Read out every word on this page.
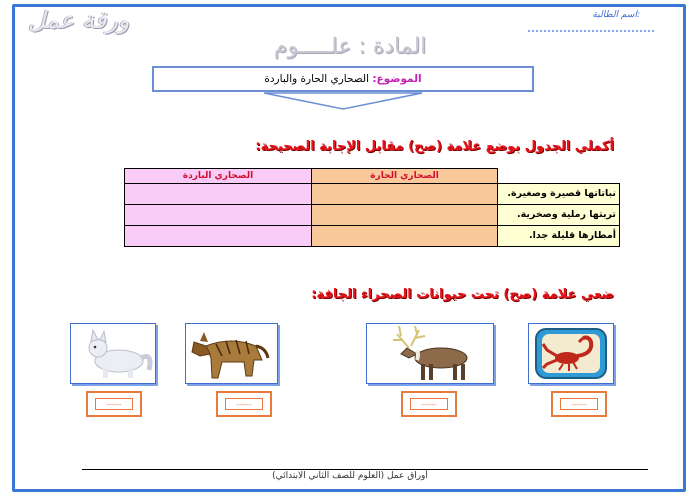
اسم الطالبة:
ورقة عمل
المادة : علـــــوم
الموضوع: الصحاري الحارة والباردة
أكملي الجدول بوضع علامة (صح) مقابل الإجابة الصحيحة:
	الصحاري الحارة	الصحاري الباردة
نباتاتها قصيرة وصغيرة.		
تربتها رملية وصخرية.		
أمطارها قليلة جدا.		
ضعي علامة (صح) تحت حيوانات الصحراء الجافة:
------	------	------	------
أوراق عمل (العلوم للصف الثاني الابتدائي)
